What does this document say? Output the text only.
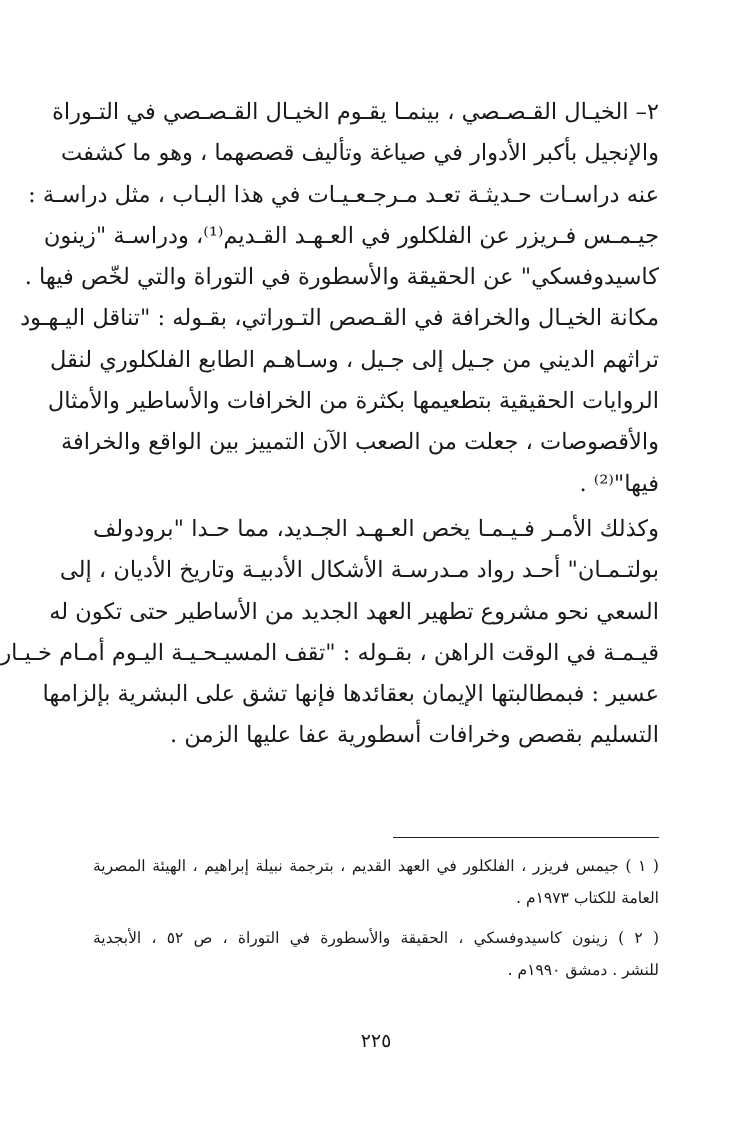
٢– الخيـال القـصـصي ، بينمـا يقـوم الخيـال القـصـصي في التـوراة
والإنجيل بأكبر الأدوار في صياغة وتأليف قصصهما ، وهو ما كشفت
عنه دراسـات حـديثـة تعـد مـرجـعـيـات في هذا البـاب ، مثل دراسـة :
جيـمـس فـريزر عن الفلكلور في العـهـد القـديم⁽¹⁾، ودراسـة "زينون
كاسيدوفسكي" عن الحقيقة والأسطورة في التوراة والتي لخّص فيها .
مكانة الخيـال والخرافة في القـصص التـوراتي، بقـوله : "تناقل اليـهـود
تراثهم الديني من جـيل إلى جـيل ، وسـاهـم الطابع الفلكلوري لنقل
الروايات الحقيقية بتطعيمها بكثرة من الخرافات والأساطير والأمثال
والأقصوصات ، جعلت من الصعب الآن التمييز بين الواقع والخرافة
فيها"⁽²⁾ .
وكذلك الأمـر فـيـمـا يخص العـهـد الجـديد، مما حـدا "برودولف
بولتـمـان" أحـد رواد مـدرسـة الأشكال الأدبيـة وتاريخ الأديان ، إلى
السعي نحو مشروع تطهير العهد الجديد من الأساطير حتى تكون له
قيـمـة في الوقت الراهن ، بقـوله : "تقف المسيـحـيـة اليـوم أمـام خـيـار
عسير : فبمطالبتها الإيمان بعقائدها فإنها تشق على البشرية بإلزامها
التسليم بقصص وخرافات أسطورية عفا عليها الزمن .
( ١ ) جيمس فريزر ، الفلكلور في العهد القديم ، بترجمة نبيلة إبراهيم ، الهيئة المصرية
العامة للكتاب ١٩٧٣م .
( ٢ ) زينون كاسيدوفسكي ، الحقيقة والأسطورة في التوراة ، ص ٥٢ ، الأبجدية
للنشر . دمشق ١٩٩٠م .
٢٢٥
